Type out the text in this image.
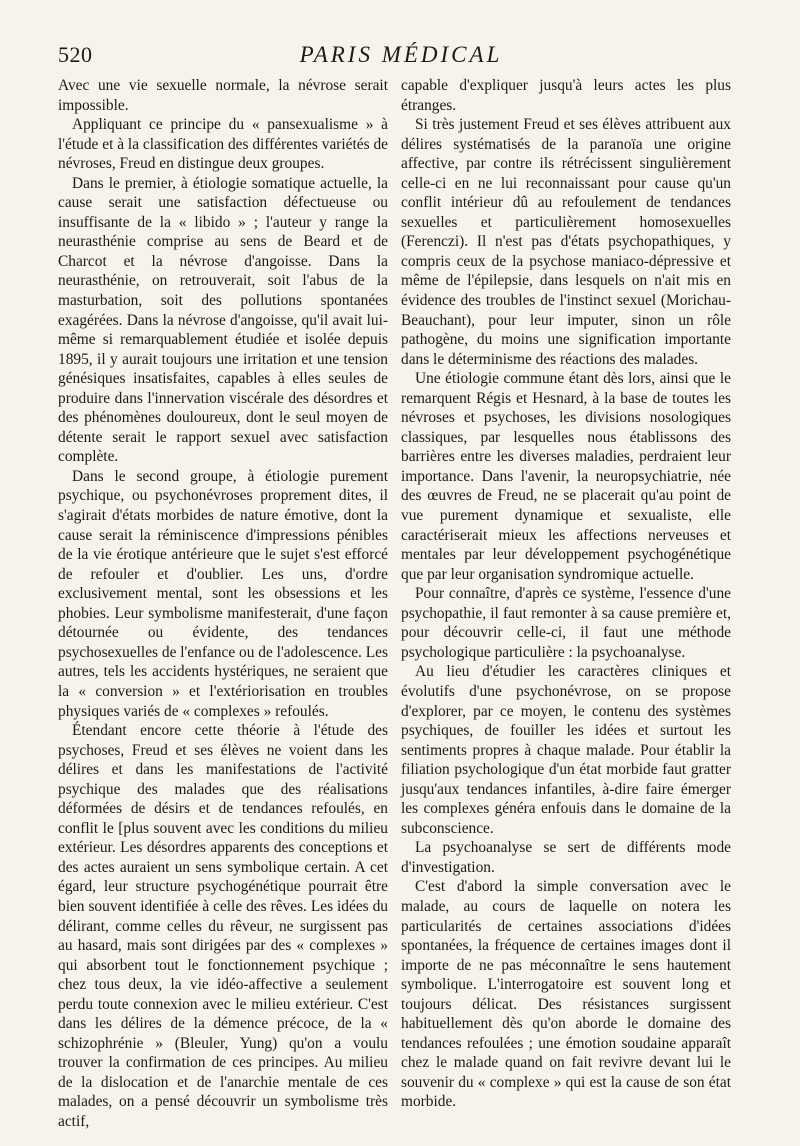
520	PARIS MÉDICAL

Avec une vie sexuelle normale, la névrose serait impossible.

Appliquant ce principe du « pansexualisme » à l'étude et à la classification des différentes variétés de névroses, Freud en distingue deux groupes.

Dans le premier, à étiologie somatique actuelle, la cause serait une satisfaction défectueuse ou insuffisante de la « libido » ; l'auteur y range la neurasthénie comprise au sens de Beard et de Charcot et la névrose d'angoisse. Dans la neurasthénie, on retrouverait, soit l'abus de la masturbation, soit des pollutions spontanées exagérées. Dans la névrose d'angoisse, qu'il avait lui-même si remarquablement étudiée et isolée depuis 1895, il y aurait toujours une irritation et une tension génésiques insatisfaites, capables à elles seules de produire dans l'innervation viscérale des désordres et des phénomènes douloureux, dont le seul moyen de détente serait le rapport sexuel avec satisfaction complète.

Dans le second groupe, à étiologie purement psychique, ou psychonévroses proprement dites, il s'agirait d'états morbides de nature émotive, dont la cause serait la réminiscence d'impressions pénibles de la vie érotique antérieure que le sujet s'est efforcé de refouler et d'oublier. Les uns, d'ordre exclusivement mental, sont les obsessions et les phobies. Leur symbolisme manifesterait, d'une façon détournée ou évidente, des tendances psychosexuelles de l'enfance ou de l'adolescence. Les autres, tels les accidents hystériques, ne seraient que la « conversion » et l'extériorisation en troubles physiques variés de « complexes » refoulés.

Étendant encore cette théorie à l'étude des psychoses, Freud et ses élèves ne voient dans les délires et dans les manifestations de l'activité psychique des malades que des réalisations déformées de désirs et de tendances refoulés, en conflit le [plus souvent avec les conditions du milieu extérieur. Les désordres apparents des conceptions et des actes auraient un sens symbolique certain. A cet égard, leur structure psychogénétique pourrait être bien souvent identifiée à celle des rêves. Les idées du délirant, comme celles du rêveur, ne surgissent pas au hasard, mais sont dirigées par des « complexes » qui absorbent tout le fonctionnement psychique ; chez tous deux, la vie idéo-affective a seulement perdu toute connexion avec le milieu extérieur. C'est dans les délires de la démence précoce, de la « schizophrénie » (Bleuler, Yung) qu'on a voulu trouver la confirmation de ces principes. Au milieu de la dislocation et de l'anarchie mentale de ces malades, on a pensé découvrir un symbolisme très actif,

capable d'expliquer jusqu'à leurs actes les plus étranges.

Si très justement Freud et ses élèves attribuent aux délires systématisés de la paranoïa une origine affective, par contre ils rétrécissent singulièrement celle-ci en ne lui reconnaissant pour cause qu'un conflit intérieur dû au refoulement de tendances sexuelles et particulièrement homosexuelles (Ferenczi). Il n'est pas d'états psychopathiques, y compris ceux de la psychose maniaco-dépressive et même de l'épilepsie, dans lesquels on n'ait mis en évidence des troubles de l'instinct sexuel (Morichau-Beauchant), pour leur imputer, sinon un rôle pathogène, du moins une signification importante dans le déterminisme des réactions des malades.

Une étiologie commune étant dès lors, ainsi que le remarquent Régis et Hesnard, à la base de toutes les névroses et psychoses, les divisions nosologiques classiques, par lesquelles nous établissons des barrières entre les diverses maladies, perdraient leur importance. Dans l'avenir, la neuropsychiatrie, née des œuvres de Freud, ne se placerait qu'au point de vue purement dynamique et sexualiste, elle caractériserait mieux les affections nerveuses et mentales par leur développement psychogénétique que par leur organisation syndromique actuelle.

Pour connaître, d'après ce système, l'essence d'une psychopathie, il faut remonter à sa cause première et, pour découvrir celle-ci, il faut une méthode psychologique particulière : la psychoanalyse.

Au lieu d'étudier les caractères cliniques et évolutifs d'une psychonévrose, on se propose d'explorer, par ce moyen, le contenu des systèmes psychiques, de fouiller les idées et surtout les sentiments propres à chaque malade. Pour établir la filiation psychologique d'un état morbide faut gratter jusqu'aux tendances infantiles, à-dire faire émerger les complexes généra enfouis dans le domaine de la subconscience.

La psychoanalyse se sert de différents mode d'investigation.

C'est d'abord la simple conversation avec le malade, au cours de laquelle on notera les particularités de certaines associations d'idées spontanées, la fréquence de certaines images dont il importe de ne pas méconnaître le sens hautement symbolique. L'interrogatoire est souvent long et toujours délicat. Des résistances surgissent habituellement dès qu'on aborde le domaine des tendances refoulées ; une émotion soudaine apparaît chez le malade quand on fait revivre devant lui le souvenir du « complexe » qui est la cause de son état morbide.
